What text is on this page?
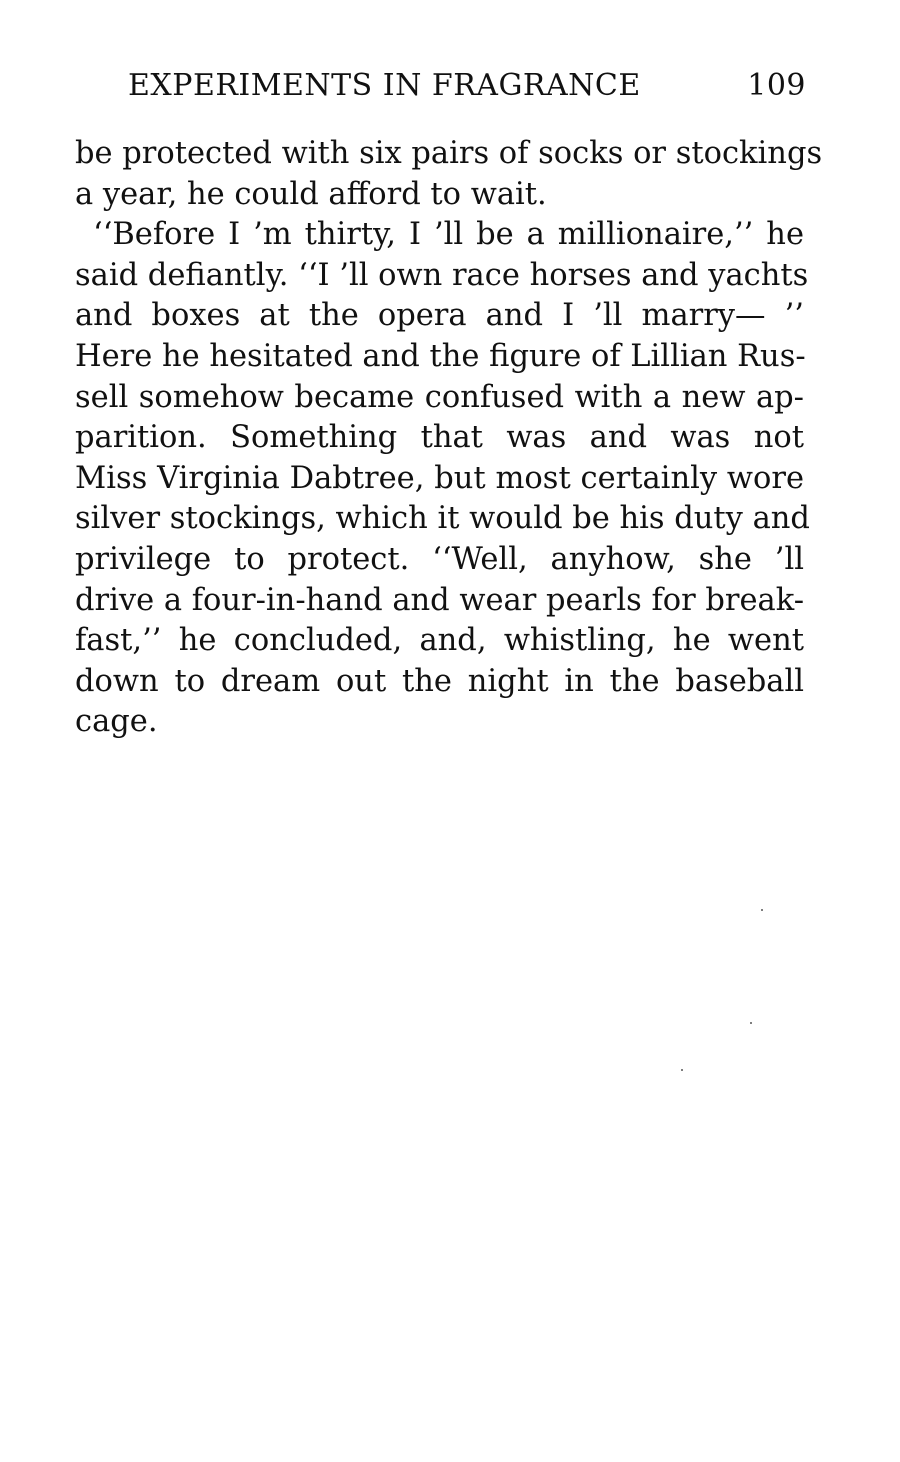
EXPERIMENTS IN FRAGRANCE	109
be protected with six pairs of socks or stockings
a year, he could afford to wait.
‘‘Before I ’m thirty, I ’ll be a millionaire,’’ he
said defiantly. ‘‘I ’ll own race horses and yachts
and boxes at the opera and I ’ll marry— ’’
Here he hesitated and the figure of Lillian Rus-
sell somehow became confused with a new ap-
parition. Something that was and was not
Miss Virginia Dabtree, but most certainly wore
silver stockings, which it would be his duty and
privilege to protect. ‘‘Well, anyhow, she ’ll
drive a four-in-hand and wear pearls for break-
fast,’’ he concluded, and, whistling, he went
down to dream out the night in the baseball
cage.
